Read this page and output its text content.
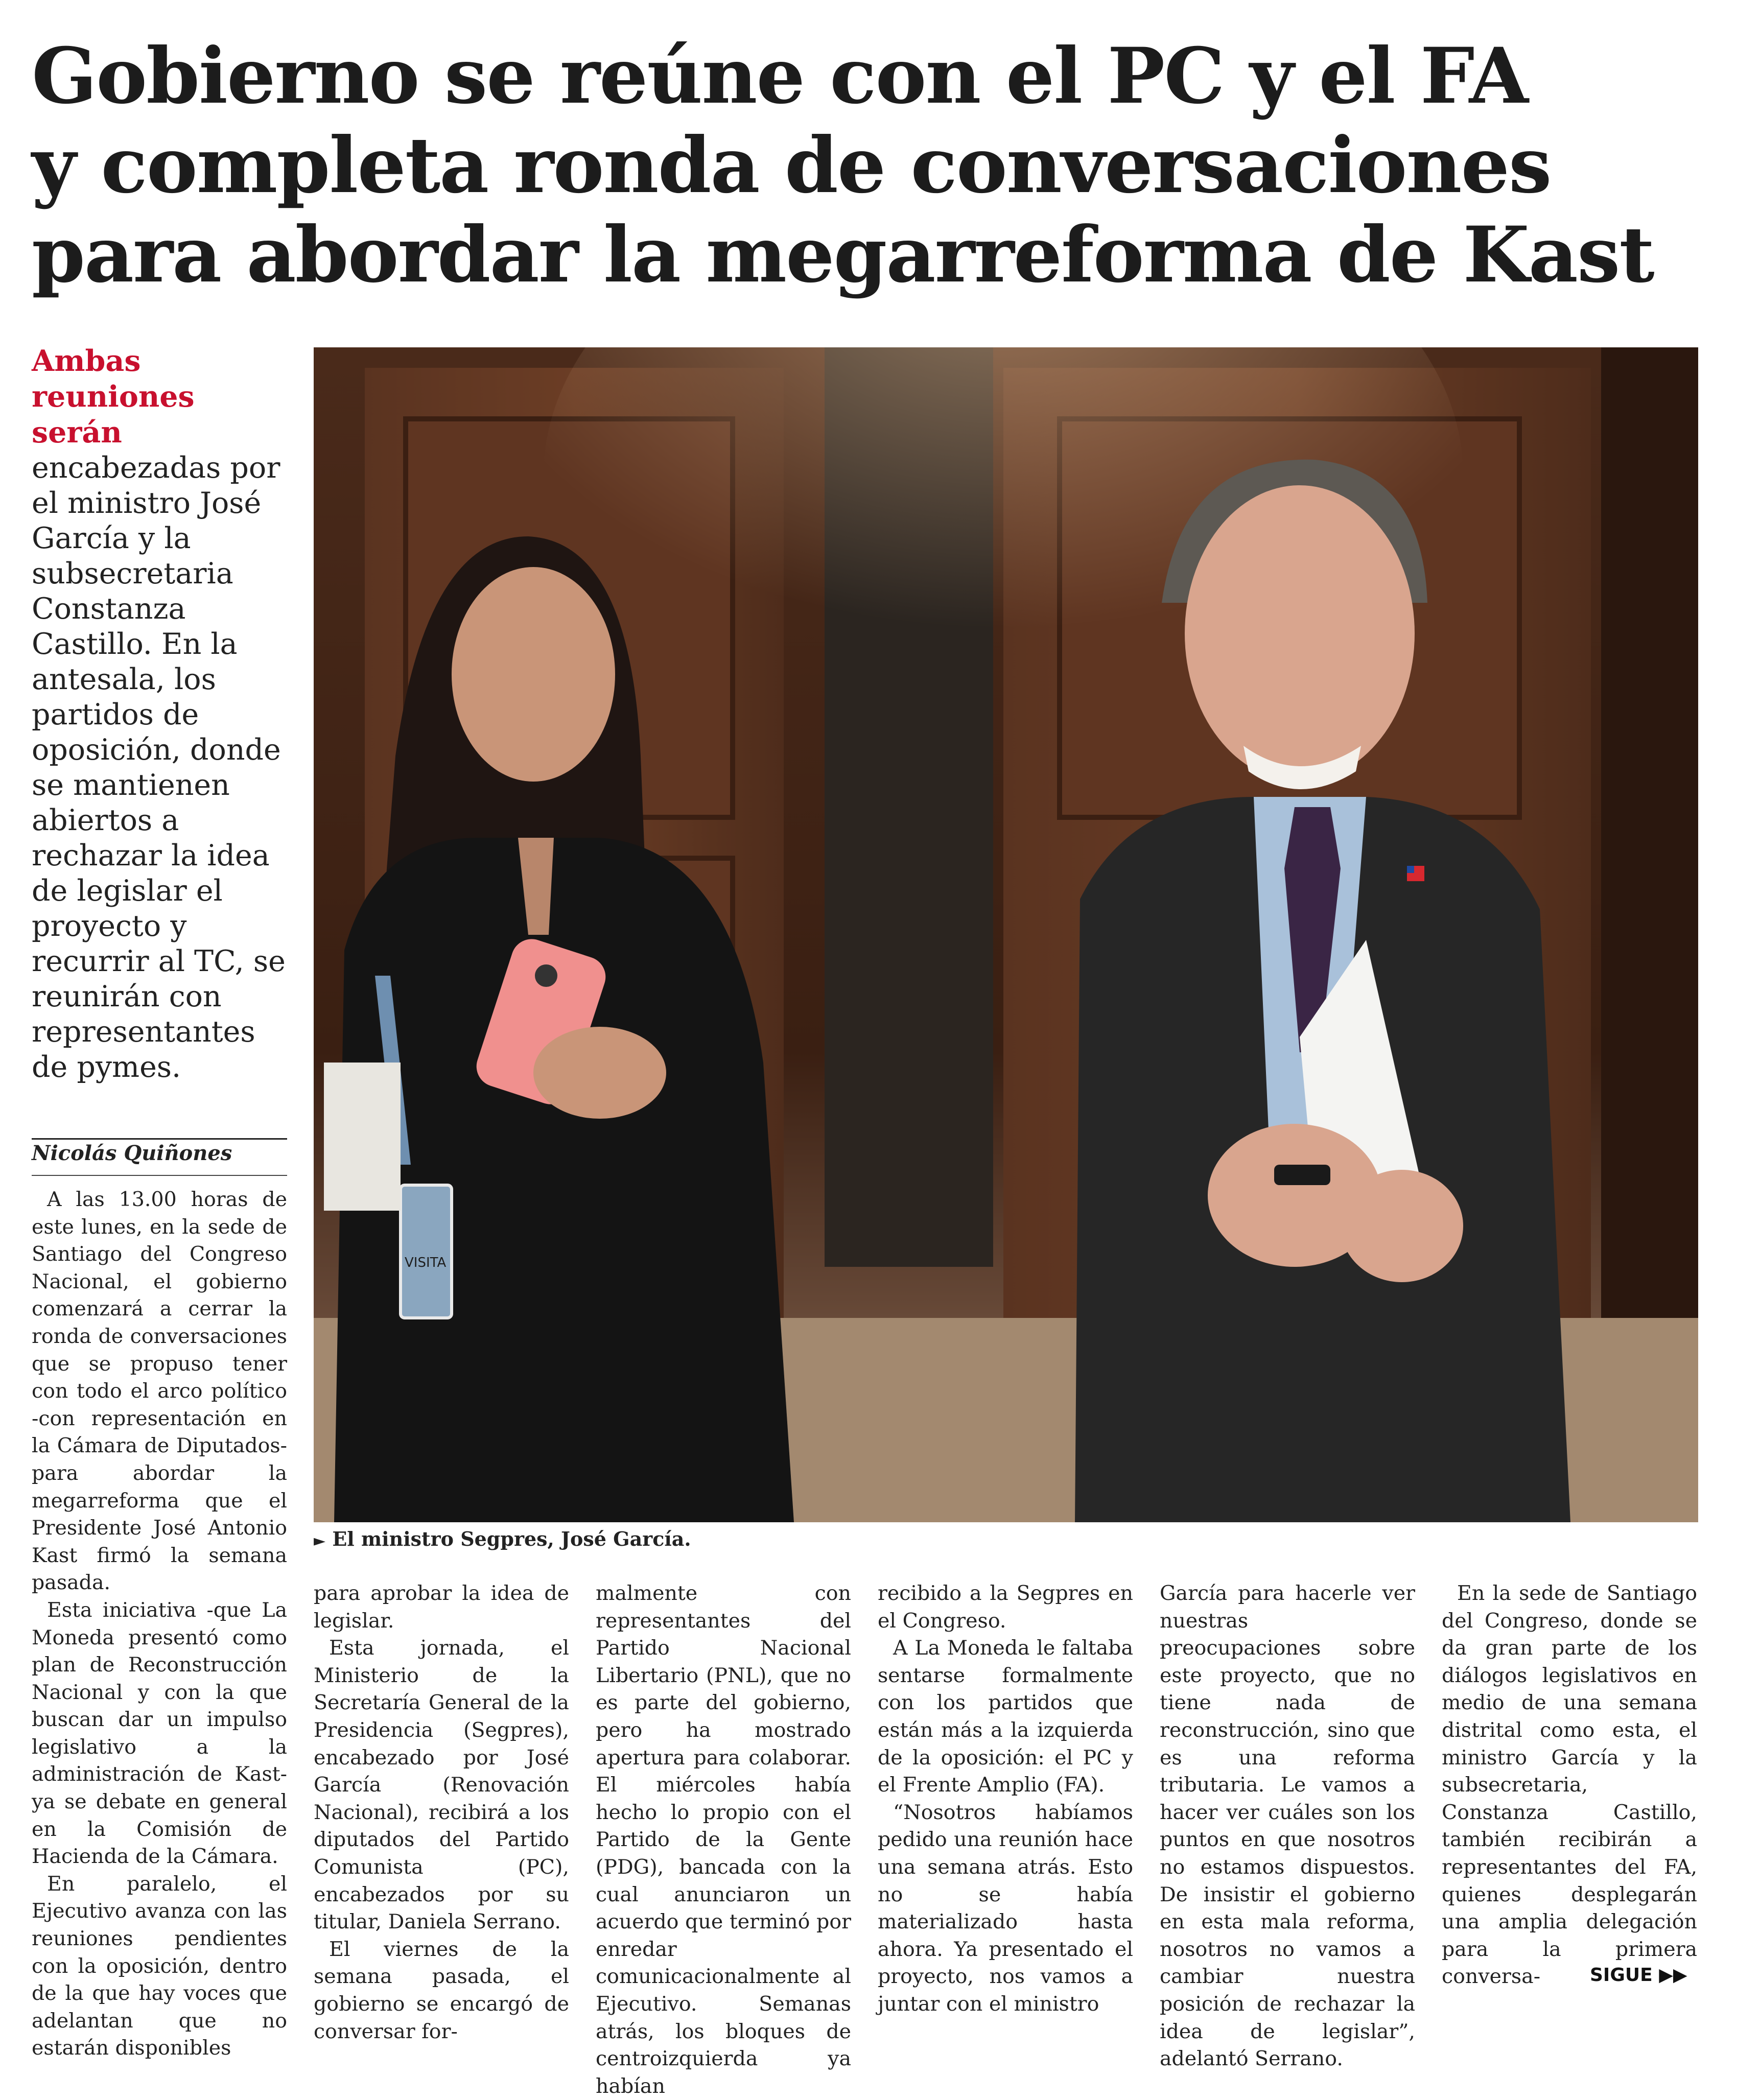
Gobierno se reúne con el PC y el FA
y completa ronda de conversaciones
para abordar la megarreforma de Kast

Ambas reuniones serán encabezadas por el ministro José García y la subsecretaria Constanza Castillo. En la antesala, los partidos de oposición, donde se mantienen abiertos a rechazar la idea de legislar el proyecto y recurrir al TC, se reunirán con representantes de pymes.

Nicolás Quiñones
VISITA
► El ministro Segpres, José García.

A las 13.00 horas de este lunes, en la sede de Santiago del Congreso Nacional, el gobierno comenzará a cerrar la ronda de conversaciones que se propuso tener con todo el arco político -con representación en la Cámara de Diputados- para abordar la megarreforma que el Presidente José Antonio Kast firmó la semana pasada.

Esta iniciativa -que La Moneda presentó como plan de Reconstrucción Nacional y con la que buscan dar un impulso legislativo a la administración de Kast- ya se debate en general en la Comisión de Hacienda de la Cámara.

En paralelo, el Ejecutivo avanza con las reuniones pendientes con la oposición, dentro de la que hay voces que adelantan que no estarán disponibles

para aprobar la idea de legislar.

Esta jornada, el Ministerio de la Secretaría General de la Presidencia (Segpres), encabezado por José García (Renovación Nacional), recibirá a los diputados del Partido Comunista (PC), encabezados por su titular, Daniela Serrano.

El viernes de la semana pasada, el gobierno se encargó de conversar for-

malmente con representantes del Partido Nacional Libertario (PNL), que no es parte del gobierno, pero ha mostrado apertura para colaborar. El miércoles había hecho lo propio con el Partido de la Gente (PDG), bancada con la cual anunciaron un acuerdo que terminó por enredar comunicacionalmente al Ejecutivo. Semanas atrás, los bloques de centroizquierda ya habían

recibido a la Segpres en el Congreso.

A La Moneda le faltaba sentarse formalmente con los partidos que están más a la izquierda de la oposición: el PC y el Frente Amplio (FA).

“Nosotros habíamos pedido una reunión hace una semana atrás. Esto no se había materializado hasta ahora. Ya presentado el proyecto, nos vamos a juntar con el ministro

García para hacerle ver nuestras preocupaciones sobre este proyecto, que no tiene nada de reconstrucción, sino que es una reforma tributaria. Le vamos a hacer ver cuáles son los puntos en que nosotros no estamos dispuestos. De insistir el gobierno en esta mala reforma, nosotros no vamos a cambiar nuestra posición de rechazar la idea de legislar”, adelantó Serrano.

En la sede de Santiago del Congreso, donde se da gran parte de los diálogos legislativos en medio de una semana distrital como esta, el ministro García y la subsecretaria, Constanza Castillo, también recibirán a representantes del FA, quienes desplegarán una amplia delegación para la primera conversa-	SIGUE ▶▶
